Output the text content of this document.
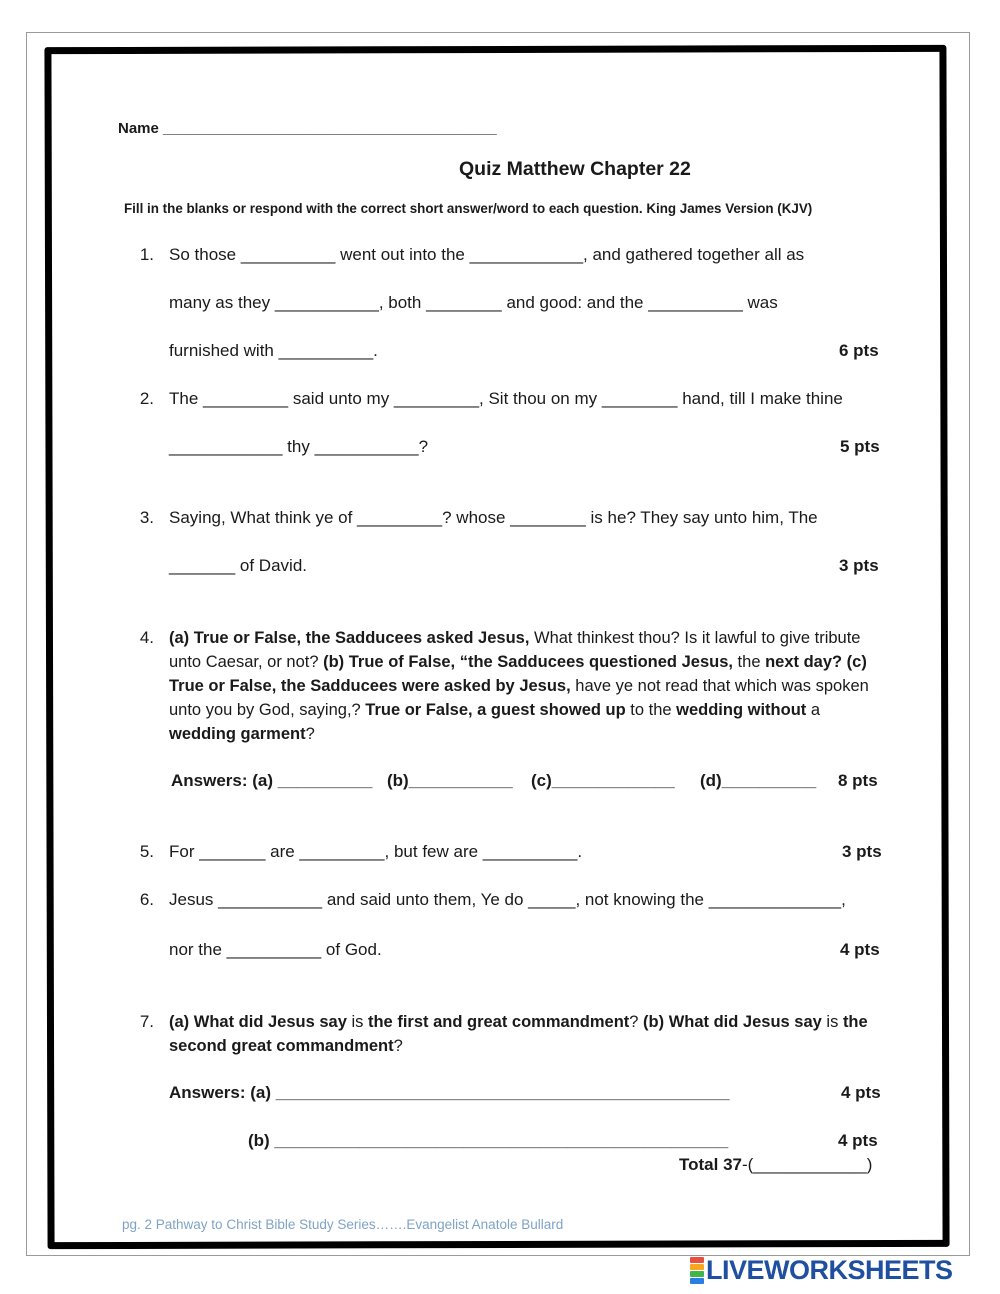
Name ________________________________________
Quiz Matthew Chapter 22
Fill in the blanks or respond with the correct short answer/word to each question. King James Version (KJV)
1. So those __________ went out into the ____________, and gathered together all as
many as they ___________, both ________ and good: and the __________ was
furnished with __________.	6 pts
2. The _________ said unto my _________, Sit thou on my ________ hand, till I make thine
____________ thy ___________?	5 pts
3. Saying, What think ye of _________? whose ________ is he? They say unto him, The
_______ of David.	3 pts
4. (a) True or False, the Sadducees asked Jesus, What thinkest thou? Is it lawful to give tribute unto Caesar, or not? (b) True of False, “the Sadducees questioned Jesus, the next day? (c) True or False, the Sadducees were asked by Jesus, have ye not read that which was spoken unto you by God, saying,? True or False, a guest showed up to the wedding without a wedding garment?
Answers: (a) __________ (b)___________ (c)_____________ (d)__________ 8 pts
5. For _______ are _________, but few are __________.	3 pts
6. Jesus ___________ and said unto them, Ye do _____, not knowing the ______________,
nor the __________ of God.	4 pts
7. (a) What did Jesus say is the first and great commandment? (b) What did Jesus say is the second great commandment?
Answers: (a) ________________________________________________	4 pts
(b) ________________________________________________	4 pts
Total 37-(____________)
pg. 2 Pathway to Christ Bible Study Series…….Evangelist Anatole Bullard
LIVEWORKSHEETS
